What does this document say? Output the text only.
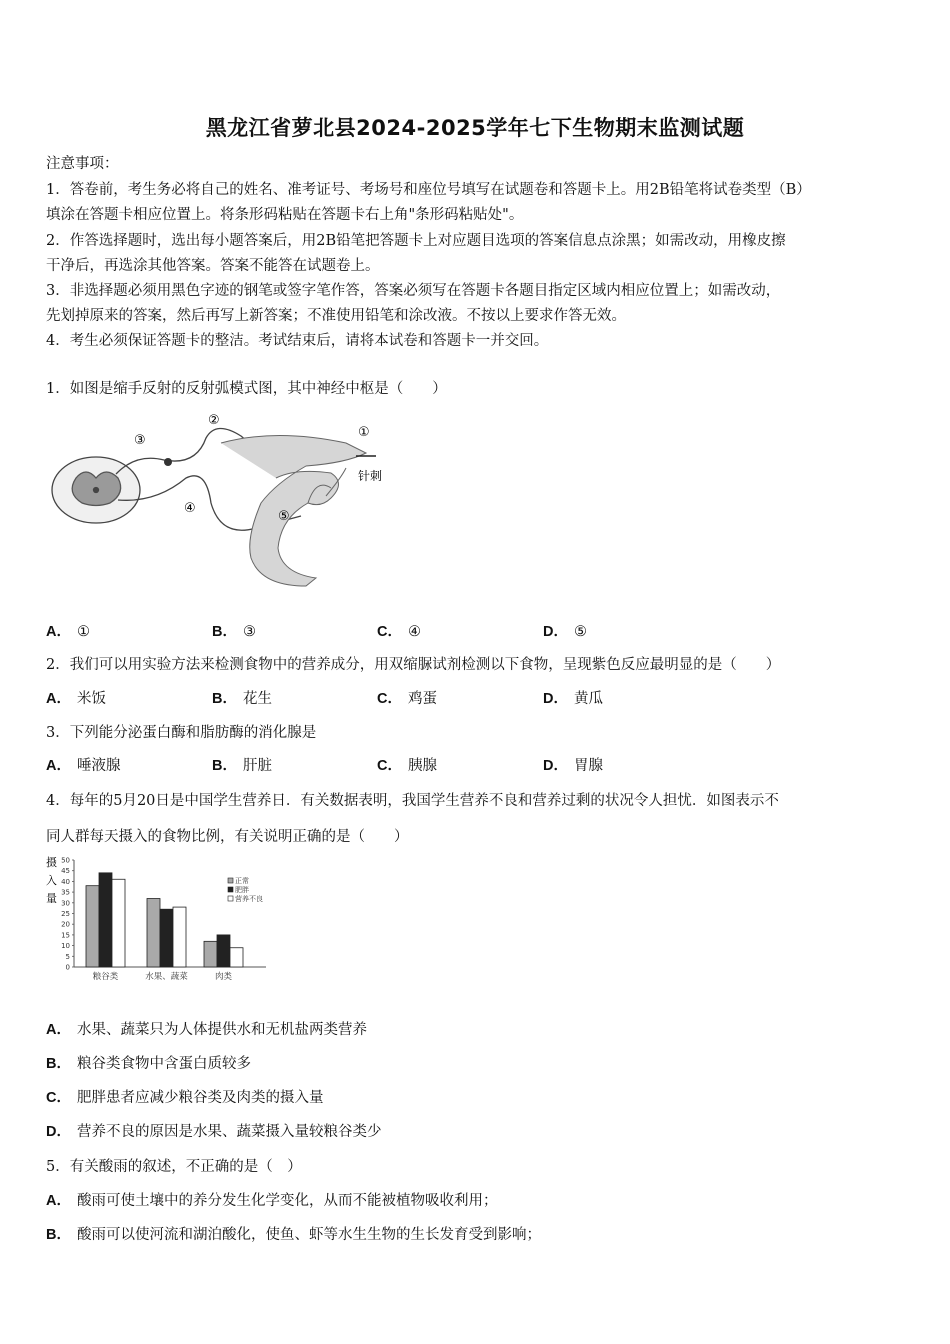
黑龙江省萝北县2024-2025学年七下生物期末监测试题
注意事项：
1．答卷前，考生务必将自己的姓名、准考证号、考场号和座位号填写在试题卷和答题卡上。用2B铅笔将试卷类型（B）
填涂在答题卡相应位置上。将条形码粘贴在答题卡右上角"条形码粘贴处"。
2．作答选择题时，选出每小题答案后，用2B铅笔把答题卡上对应题目选项的答案信息点涂黑；如需改动，用橡皮擦
干净后，再选涂其他答案。答案不能答在试题卷上。
3．非选择题必须用黑色字迹的钢笔或签字笔作答，答案必须写在答题卡各题目指定区域内相应位置上；如需改动，
先划掉原来的答案，然后再写上新答案；不准使用铅笔和涂改液。不按以上要求作答无效。
4．考生必须保证答题卡的整洁。考试结束后，请将本试卷和答题卡一并交回。
1．如图是缩手反射的反射弧模式图，其中神经中枢是（　　）
③
②
①
④
⑤
针刺
A． ①	B． ③	C． ④	D． ⑤
2．我们可以用实验方法来检测食物中的营养成分，用双缩脲试剂检测以下食物，呈现紫色反应最明显的是（　　）
A． 米饭	B． 花生	C． 鸡蛋	D． 黄瓜
3．下列能分泌蛋白酶和脂肪酶的消化腺是
A． 唾液腺	B． 肝脏	C． 胰腺	D． 胃腺
4．每年的5月20日是中国学生营养日．有关数据表明，我国学生营养不良和营养过剩的状况令人担忧．如图表示不
同人群每天摄入的食物比例，有关说明正确的是（　　）
摄
入
量
0
5
10
15
20
25
30
35
40
45
50
粮谷类	水果、蔬菜	肉类
正常
肥胖
营养不良
A． 水果、蔬菜只为人体提供水和无机盐两类营养
B． 粮谷类食物中含蛋白质较多
C． 肥胖患者应减少粮谷类及肉类的摄入量
D． 营养不良的原因是水果、蔬菜摄入量较粮谷类少
5．有关酸雨的叙述，不正确的是（　）
A． 酸雨可使土壤中的养分发生化学变化，从而不能被植物吸收利用；
B． 酸雨可以使河流和湖泊酸化，使鱼、虾等水生生物的生长发育受到影响；
